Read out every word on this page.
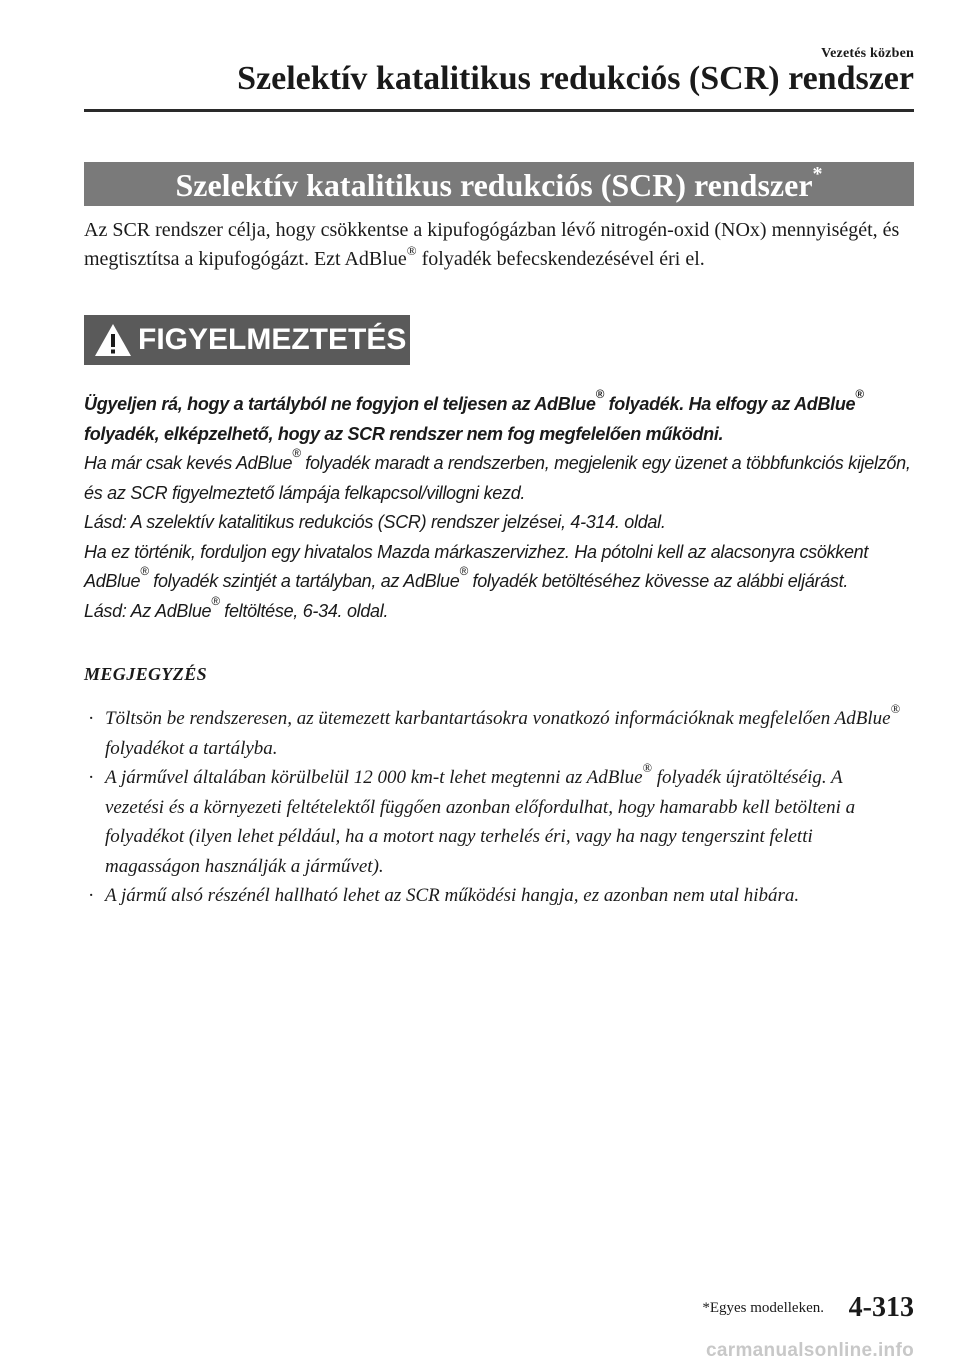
Vezetés közben
Szelektív katalitikus redukciós (SCR) rendszer
Szelektív katalitikus redukciós (SCR) rendszer*
Az SCR rendszer célja, hogy csökkentse a kipufogógázban lévő nitrogén-oxid (NOx) mennyiségét, és megtisztítsa a kipufogógázt. Ezt AdBlue® folyadék befecskendezésével éri el.
FIGYELMEZTETÉS

Ügyeljen rá, hogy a tartályból ne fogyjon el teljesen az AdBlue® folyadék. Ha elfogy az AdBlue® folyadék, elképzelhető, hogy az SCR rendszer nem fog megfelelően működni.

Ha már csak kevés AdBlue® folyadék maradt a rendszerben, megjelenik egy üzenet a többfunkciós kijelzőn, és az SCR figyelmeztető lámpája felkapcsol/villogni kezd.

Lásd: A szelektív katalitikus redukciós (SCR) rendszer jelzései, 4-314. oldal.

Ha ez történik, forduljon egy hivatalos Mazda márkaszervizhez. Ha pótolni kell az alacsonyra csökkent AdBlue® folyadék szintjét a tartályban, az AdBlue® folyadék betöltéséhez kövesse az alábbi eljárást.

Lásd: Az AdBlue® feltöltése, 6-34. oldal.

MEGJEGYZÉS
· Töltsön be rendszeresen, az ütemezett karbantartásokra vonatkozó információknak megfelelően AdBlue® folyadékot a tartályba.
· A járművel általában körülbelül 12 000 km-t lehet megtenni az AdBlue® folyadék újratöltéséig. A vezetési és a környezeti feltételektől függően azonban előfordulhat, hogy hamarabb kell betölteni a folyadékot (ilyen lehet például, ha a motort nagy terhelés éri, vagy ha nagy tengerszint feletti magasságon használják a járművet).
· A jármű alsó részénél hallható lehet az SCR működési hangja, ez azonban nem utal hibára.
*Egyes modelleken. 4-313
carmanualsonline.info
